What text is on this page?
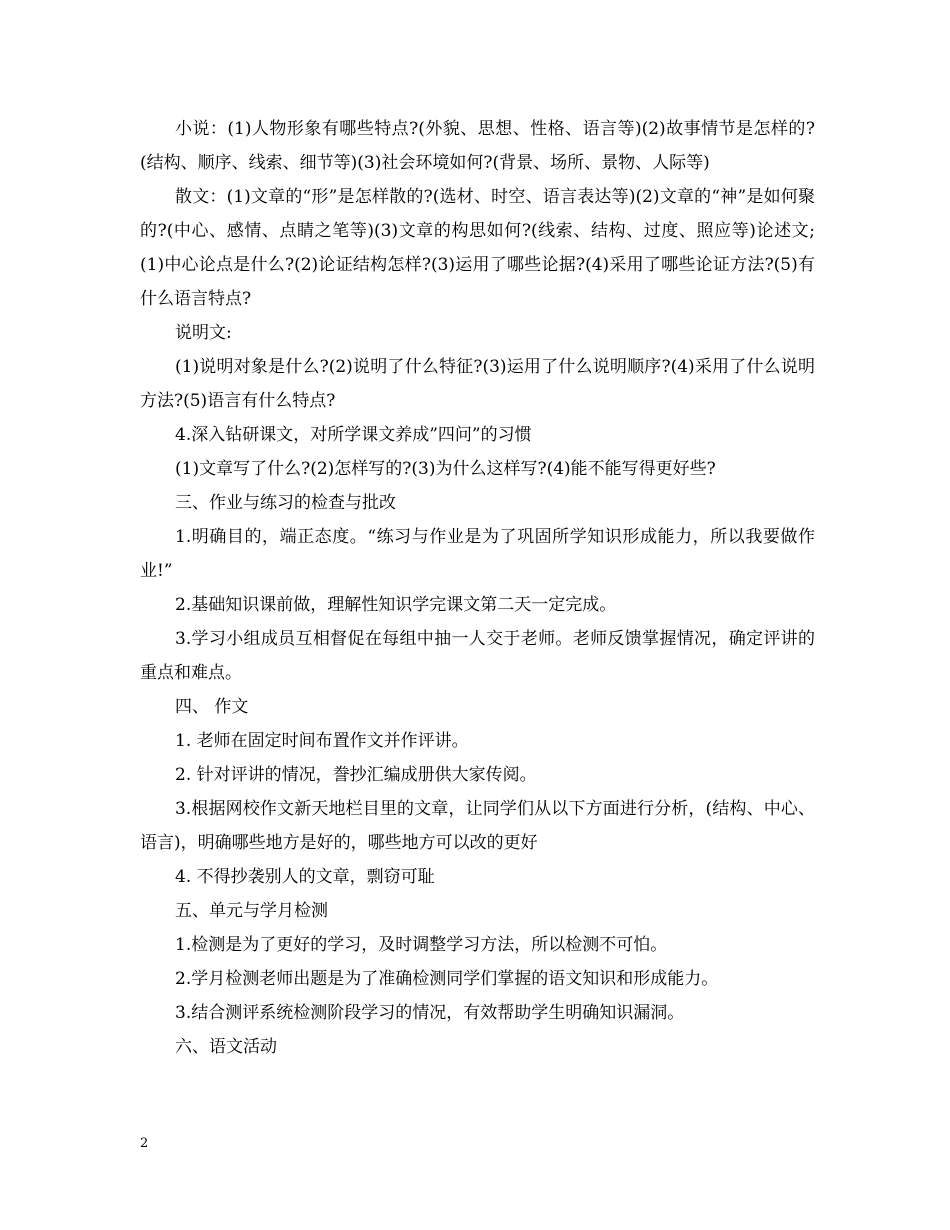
小说：(1)人物形象有哪些特点?(外貌、思想、性格、语言等)(2)故事情节是怎样的?(结构、顺序、线索、细节等)(3)社会环境如何?(背景、场所、景物、人际等)

散文：(1)文章的“形”是怎样散的?(选材、时空、语言表达等)(2)文章的“神”是如何聚的?(中心、感情、点睛之笔等)(3)文章的构思如何?(线索、结构、过度、照应等)论述文;(1)中心论点是什么?(2)论证结构怎样?(3)运用了哪些论据?(4)采用了哪些论证方法?(5)有什么语言特点?

说明文:

(1)说明对象是什么?(2)说明了什么特征?(3)运用了什么说明顺序?(4)采用了什么说明方法?(5)语言有什么特点?

4.深入钻研课文，对所学课文养成”四问”的习惯

(1)文章写了什么?(2)怎样写的?(3)为什么这样写?(4)能不能写得更好些?

三、作业与练习的检查与批改

1.明确目的，端正态度。“练习与作业是为了巩固所学知识形成能力，所以我要做作业!”

2.基础知识课前做，理解性知识学完课文第二天一定完成。

3.学习小组成员互相督促在每组中抽一人交于老师。老师反馈掌握情况，确定评讲的重点和难点。

四、 作文

1. 老师在固定时间布置作文并作评讲。

2. 针对评讲的情况，誊抄汇编成册供大家传阅。

3.根据网校作文新天地栏目里的文章，让同学们从以下方面进行分析，(结构、中心、语言)，明确哪些地方是好的，哪些地方可以改的更好

4. 不得抄袭别人的文章，剽窃可耻

五、单元与学月检测

1.检测是为了更好的学习，及时调整学习方法，所以检测不可怕。

2.学月检测老师出题是为了准确检测同学们掌握的语文知识和形成能力。

3.结合测评系统检测阶段学习的情况，有效帮助学生明确知识漏洞。

六、语文活动

2
